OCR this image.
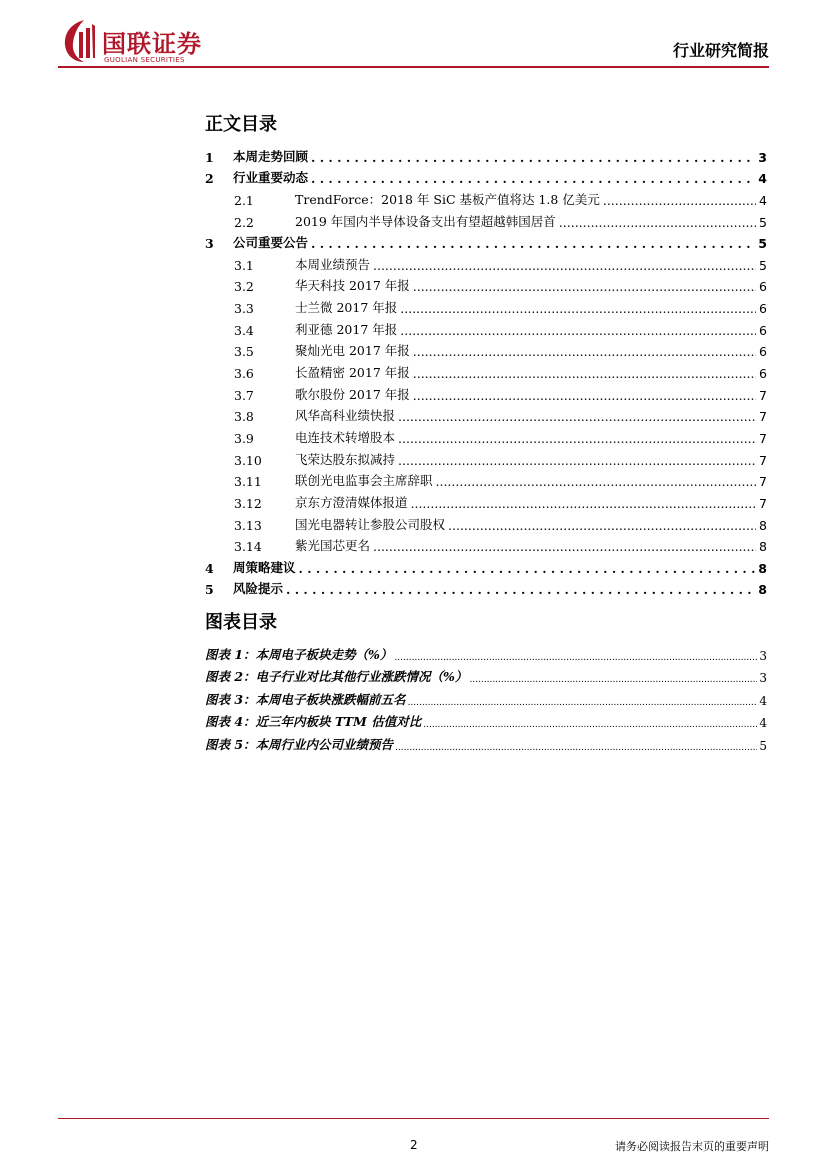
国联证券
GUOLIAN SECURITIES	行业研究简报
正文目录
1	本周走势回顾 . . .	3
2	行业重要动态 . . .	4
2.1	TrendForce：2018 年 SiC 基板产值将达 1.8 亿美元 .....	4
2.2	2019 年国内半导体设备支出有望超越韩国居首 .....	5
3	公司重要公告 . . .	5
3.1	本周业绩预告 .....	5
3.2	华天科技 2017 年报 .....	6
3.3	士兰微 2017 年报 .....	6
3.4	利亚德 2017 年报 .....	6
3.5	聚灿光电 2017 年报 .....	6
3.6	长盈精密 2017 年报 .....	6
3.7	歌尔股份 2017 年报 .....	7
3.8	风华高科业绩快报 .....	7
3.9	电连技术转增股本 .....	7
3.10	飞荣达股东拟减持 .....	7
3.11	联创光电监事会主席辞职 .....	7
3.12	京东方澄清媒体报道 .....	7
3.13	国光电器转让参股公司股权 .....	8
3.14	紫光国芯更名 .....	8
4	周策略建议 . . .	8
5	风险提示 . . .	8
图表目录
图表 1：本周电子板块走势（%） .....	3
图表 2：电子行业对比其他行业涨跌情况（%） .....	3
图表 3：本周电子板块涨跌幅前五名 .....	4
图表 4：近三年内板块 TTM 估值对比 .....	4
图表 5：本周行业内公司业绩预告 .....	5
2	请务必阅读报告末页的重要声明
